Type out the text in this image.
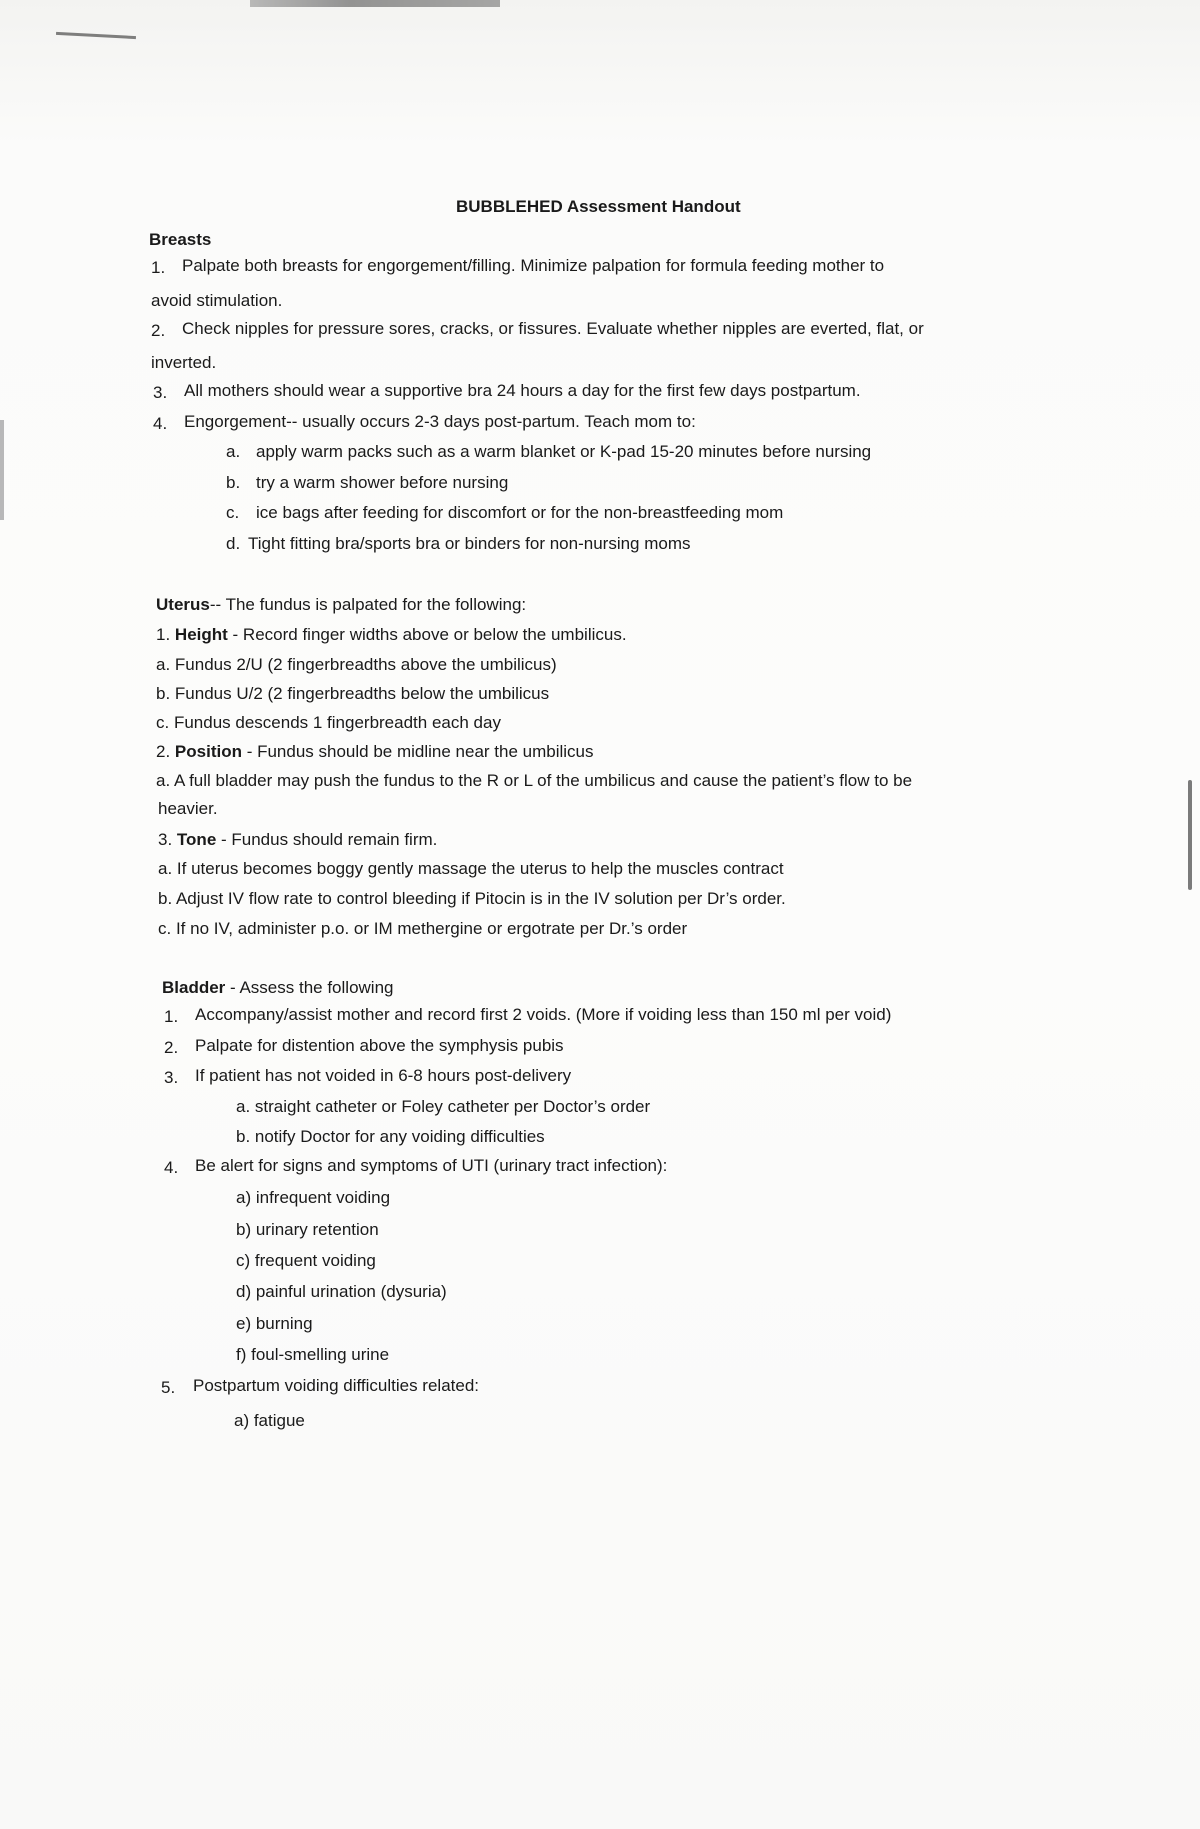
BUBBLEHED Assessment Handout
Breasts
1. Palpate both breasts for engorgement/filling. Minimize palpation for formula feeding mother to
avoid stimulation.
2. Check nipples for pressure sores, cracks, or fissures. Evaluate whether nipples are everted, flat, or
inverted.
3. All mothers should wear a supportive bra 24 hours a day for the first few days postpartum.
4. Engorgement-- usually occurs 2-3 days post-partum. Teach mom to:
a. apply warm packs such as a warm blanket or K-pad 15-20 minutes before nursing
b. try a warm shower before nursing
c. ice bags after feeding for discomfort or for the non-breastfeeding mom
d. Tight fitting bra/sports bra or binders for non-nursing moms
Uterus-- The fundus is palpated for the following:
1. Height - Record finger widths above or below the umbilicus.
a. Fundus 2/U (2 fingerbreadths above the umbilicus)
b. Fundus U/2 (2 fingerbreadths below the umbilicus
c. Fundus descends 1 fingerbreadth each day
2. Position - Fundus should be midline near the umbilicus
a. A full bladder may push the fundus to the R or L of the umbilicus and cause the patient’s flow to be
heavier.
3. Tone - Fundus should remain firm.
a. If uterus becomes boggy gently massage the uterus to help the muscles contract
b. Adjust IV flow rate to control bleeding if Pitocin is in the IV solution per Dr’s order.
c. If no IV, administer p.o. or IM methergine or ergotrate per Dr.’s order
Bladder - Assess the following
1. Accompany/assist mother and record first 2 voids. (More if voiding less than 150 ml per void)
2. Palpate for distention above the symphysis pubis
3. If patient has not voided in 6-8 hours post-delivery
a. straight catheter or Foley catheter per Doctor’s order
b. notify Doctor for any voiding difficulties
4. Be alert for signs and symptoms of UTI (urinary tract infection):
a) infrequent voiding
b) urinary retention
c) frequent voiding
d) painful urination (dysuria)
e) burning
f) foul-smelling urine
5. Postpartum voiding difficulties related:
a) fatigue
